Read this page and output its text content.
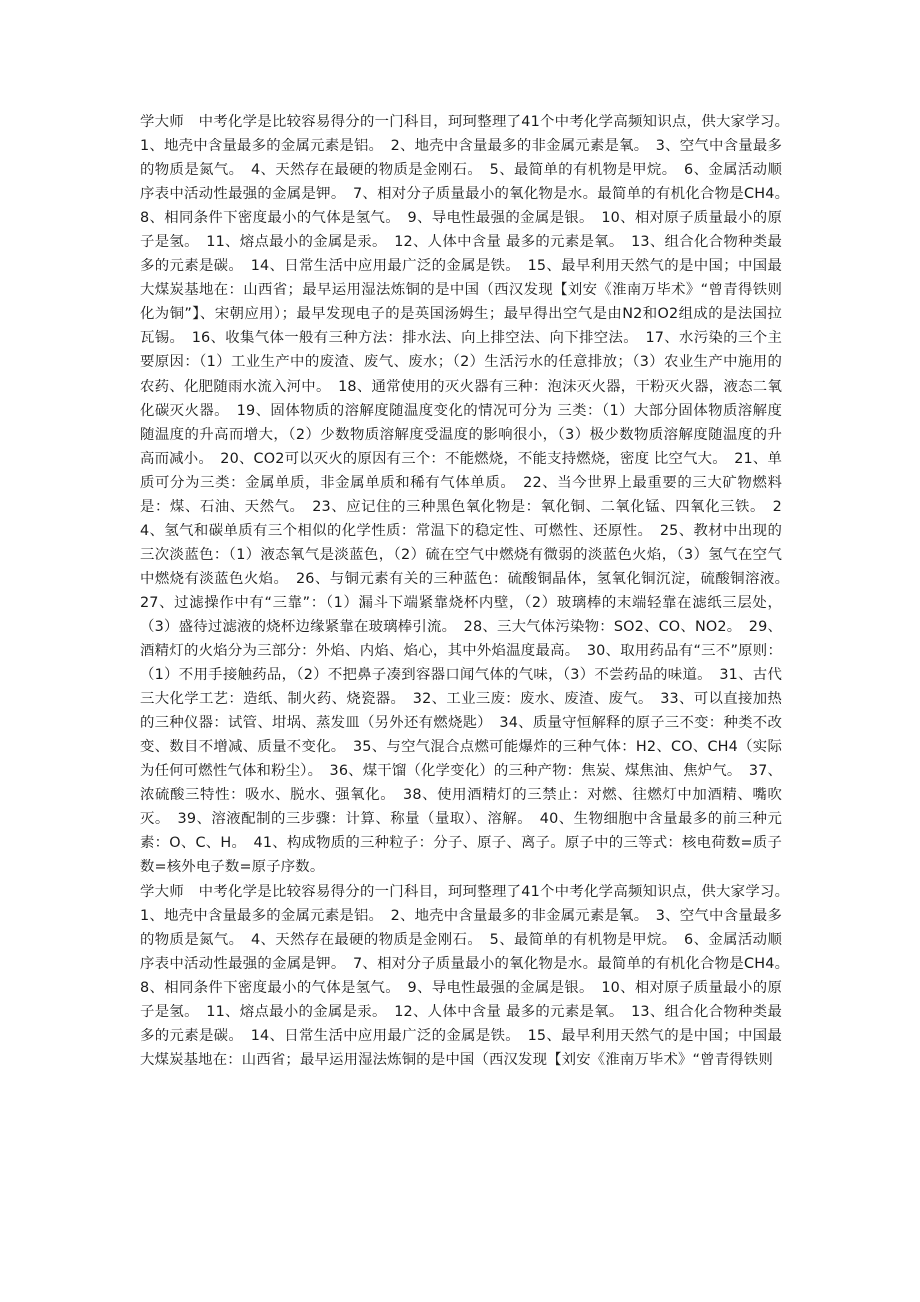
学大师　中考化学是比较容易得分的一门科目，珂珂整理了41个中考化学高频知识点，供大家学习。　1、地壳中含量最多的金属元素是铝。　2、地壳中含量最多的非金属元素是氧。　3、空气中含量最多的物质是氮气。　4、天然存在最硬的物质是金刚石。　5、最简单的有机物是甲烷。　6、金属活动顺序表中活动性最强的金属是钾。　7、相对分子质量最小的氧化物是水。最简单的有机化合物是CH4。　8、相同条件下密度最小的气体是氢气。　9、导电性最强的金属是银。　10、相对原子质量最小的原子是氢。　11、熔点最小的金属是汞。　12、人体中含量 最多的元素是氧。　13、组合化合物种类最多的元素是碳。　14、日常生活中应用最广泛的金属是铁。　15、最早利用天然气的是中国；中国最大煤炭基地在：山西省；最早运用湿法炼铜的是中国（西汉发现【刘安《淮南万毕术》“曾青得铁则化为铜”】、宋朝应用）；最早发现电子的是英国汤姆生；最早得出空气是由N2和O2组成的是法国拉瓦锡。　16、收集气体一般有三种方法：排水法、向上排空法、向下排空法。　17、水污染的三个主要原因：（1）工业生产中的废渣、废气、废水；（2）生活污水的任意排放；（3）农业生产中施用的农药、化肥随雨水流入河中。　18、通常使用的灭火器有三种：泡沫灭火器，干粉灭火器，液态二氧化碳灭火器。　19、固体物质的溶解度随温度变化的情况可分为 三类：（1）大部分固体物质溶解度随温度的升高而增大，（2）少数物质溶解度受温度的影响很小，（3）极少数物质溶解度随温度的升高而减小。　20、CO2可以灭火的原因有三个：不能燃烧，不能支持燃烧，密度 比空气大。　21、单质可分为三类：金属单质，非金属单质和稀有气体单质。　22、当今世界上最重要的三大矿物燃料是：煤、石油、天然气。　23、应记住的三种黑色氧化物是：氧化铜、二氧化锰、四氧化三铁。　24、氢气和碳单质有三个相似的化学性质：常温下的稳定性、可燃性、还原性。　25、教材中出现的三次淡蓝色：（1）液态氧气是淡蓝色，（2）硫在空气中燃烧有微弱的淡蓝色火焰，（3）氢气在空气中燃烧有淡蓝色火焰。　26、与铜元素有关的三种蓝色：硫酸铜晶体，氢氧化铜沉淀，硫酸铜溶液。　27、过滤操作中有“三靠”：（1）漏斗下端紧靠烧杯内壁，（2）玻璃棒的末端轻靠在滤纸三层处，（3）盛待过滤液的烧杯边缘紧靠在玻璃棒引流。　28、三大气体污染物：SO2、CO、NO2。　29、酒精灯的火焰分为三部分：外焰、内焰、焰心，其中外焰温度最高。　30、取用药品有“三不”原则：（1）不用手接触药品，（2）不把鼻子凑到容器口闻气体的气味，（3）不尝药品的味道。　31、古代三大化学工艺：造纸、制火药、烧瓷器。　32、工业三废：废水、废渣、废气。　33、可以直接加热的三种仪器：试管、坩埚、蒸发皿（另外还有燃烧匙）　34、质量守恒解释的原子三不变：种类不改变、数目不增减、质量不变化。　35、与空气混合点燃可能爆炸的三种气体：H2、CO、CH4（实际为任何可燃性气体和粉尘）。　36、煤干馏（化学变化）的三种产物：焦炭、煤焦油、焦炉气。　37、浓硫酸三特性：吸水、脱水、强氧化。　38、使用酒精灯的三禁止：对燃、往燃灯中加酒精、嘴吹灭。　39、溶液配制的三步骤：计算、称量（量取）、溶解。　40、生物细胞中含量最多的前三种元素：O、C、H。　41、构成物质的三种粒子：分子、原子、离子。原子中的三等式：核电荷数=质子数=核外电子数=原子序数。

学大师　中考化学是比较容易得分的一门科目，珂珂整理了41个中考化学高频知识点，供大家学习。　1、地壳中含量最多的金属元素是铝。　2、地壳中含量最多的非金属元素是氧。　3、空气中含量最多的物质是氮气。　4、天然存在最硬的物质是金刚石。　5、最简单的有机物是甲烷。　6、金属活动顺序表中活动性最强的金属是钾。　7、相对分子质量最小的氧化物是水。最简单的有机化合物是CH4。　8、相同条件下密度最小的气体是氢气。　9、导电性最强的金属是银。　10、相对原子质量最小的原子是氢。　11、熔点最小的金属是汞。　12、人体中含量 最多的元素是氧。　13、组合化合物种类最多的元素是碳。　14、日常生活中应用最广泛的金属是铁。　15、最早利用天然气的是中国；中国最大煤炭基地在：山西省；最早运用湿法炼铜的是中国（西汉发现【刘安《淮南万毕术》“曾青得铁则
